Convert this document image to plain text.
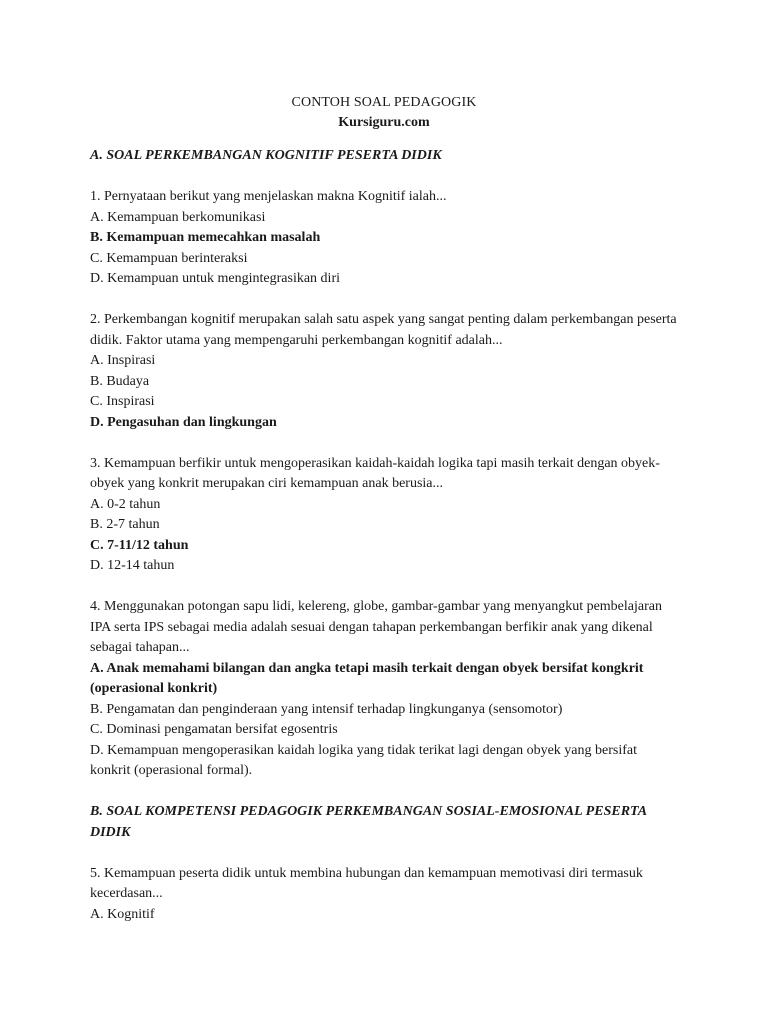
CONTOH SOAL PEDAGOGIK
Kursiguru.com

A. SOAL PERKEMBANGAN KOGNITIF PESERTA DIDIK

1. Pernyataan berikut yang menjelaskan makna Kognitif ialah...

A. Kemampuan berkomunikasi

B. Kemampuan memecahkan masalah

C. Kemampuan berinteraksi

D. Kemampuan untuk mengintegrasikan diri

2. Perkembangan kognitif merupakan salah satu aspek yang sangat penting dalam perkembangan peserta didik. Faktor utama yang mempengaruhi perkembangan kognitif adalah...

A. Inspirasi

B. Budaya

C. Inspirasi

D. Pengasuhan dan lingkungan

3. Kemampuan berfikir untuk mengoperasikan kaidah-kaidah logika tapi masih terkait dengan obyek-obyek yang konkrit merupakan ciri kemampuan anak berusia...

A. 0-2 tahun

B. 2-7 tahun

C. 7-11/12 tahun

D. 12-14 tahun

4. Menggunakan potongan sapu lidi, kelereng, globe, gambar-gambar yang menyangkut pembelajaran IPA serta IPS sebagai media adalah sesuai dengan tahapan perkembangan berfikir anak yang dikenal sebagai tahapan...

A. Anak memahami bilangan dan angka tetapi masih terkait dengan obyek bersifat kongkrit (operasional konkrit)

B. Pengamatan dan penginderaan yang intensif terhadap lingkunganya (sensomotor)

C. Dominasi pengamatan bersifat egosentris

D. Kemampuan mengoperasikan kaidah logika yang tidak terikat lagi dengan obyek yang bersifat konkrit (operasional formal).

B. SOAL KOMPETENSI PEDAGOGIK PERKEMBANGAN SOSIAL-EMOSIONAL PESERTA DIDIK

5. Kemampuan peserta didik untuk membina hubungan dan kemampuan memotivasi diri termasuk kecerdasan...

A. Kognitif
